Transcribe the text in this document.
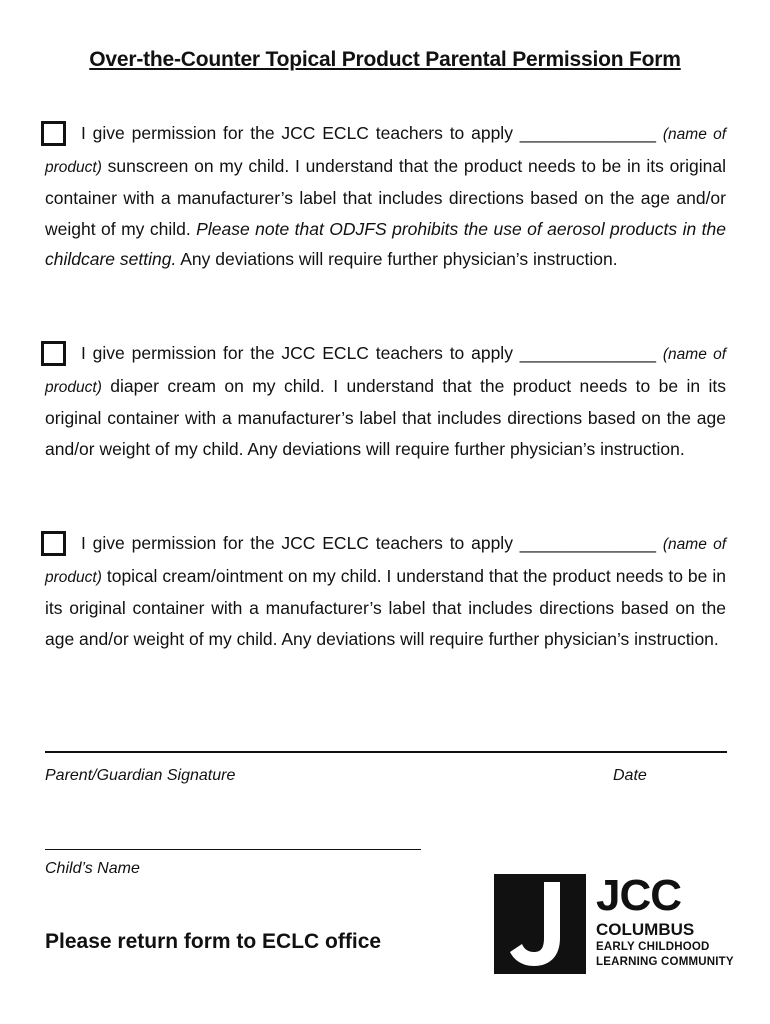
Over-the-Counter Topical Product Parental Permission Form

I give permission for the JCC ECLC teachers to apply ______________ (name of product) sunscreen on my child. I understand that the product needs to be in its original container with a manufacturer’s label that includes directions based on the age and/or weight of my child. Please note that ODJFS prohibits the use of aerosol products in the childcare setting. Any deviations will require further physician’s instruction.

I give permission for the JCC ECLC teachers to apply ______________ (name of product) diaper cream on my child. I understand that the product needs to be in its original container with a manufacturer’s label that includes directions based on the age and/or weight of my child. Any deviations will require further physician’s instruction.

I give permission for the JCC ECLC teachers to apply ______________ (name of product) topical cream/ointment on my child. I understand that the product needs to be in its original container with a manufacturer’s label that includes directions based on the age and/or weight of my child. Any deviations will require further physician’s instruction.

Parent/Guardian Signature	Date
Child’s Name
Please return form to ECLC office
JCC
COLUMBUS
EARLY CHILDHOOD
LEARNING COMMUNITY
